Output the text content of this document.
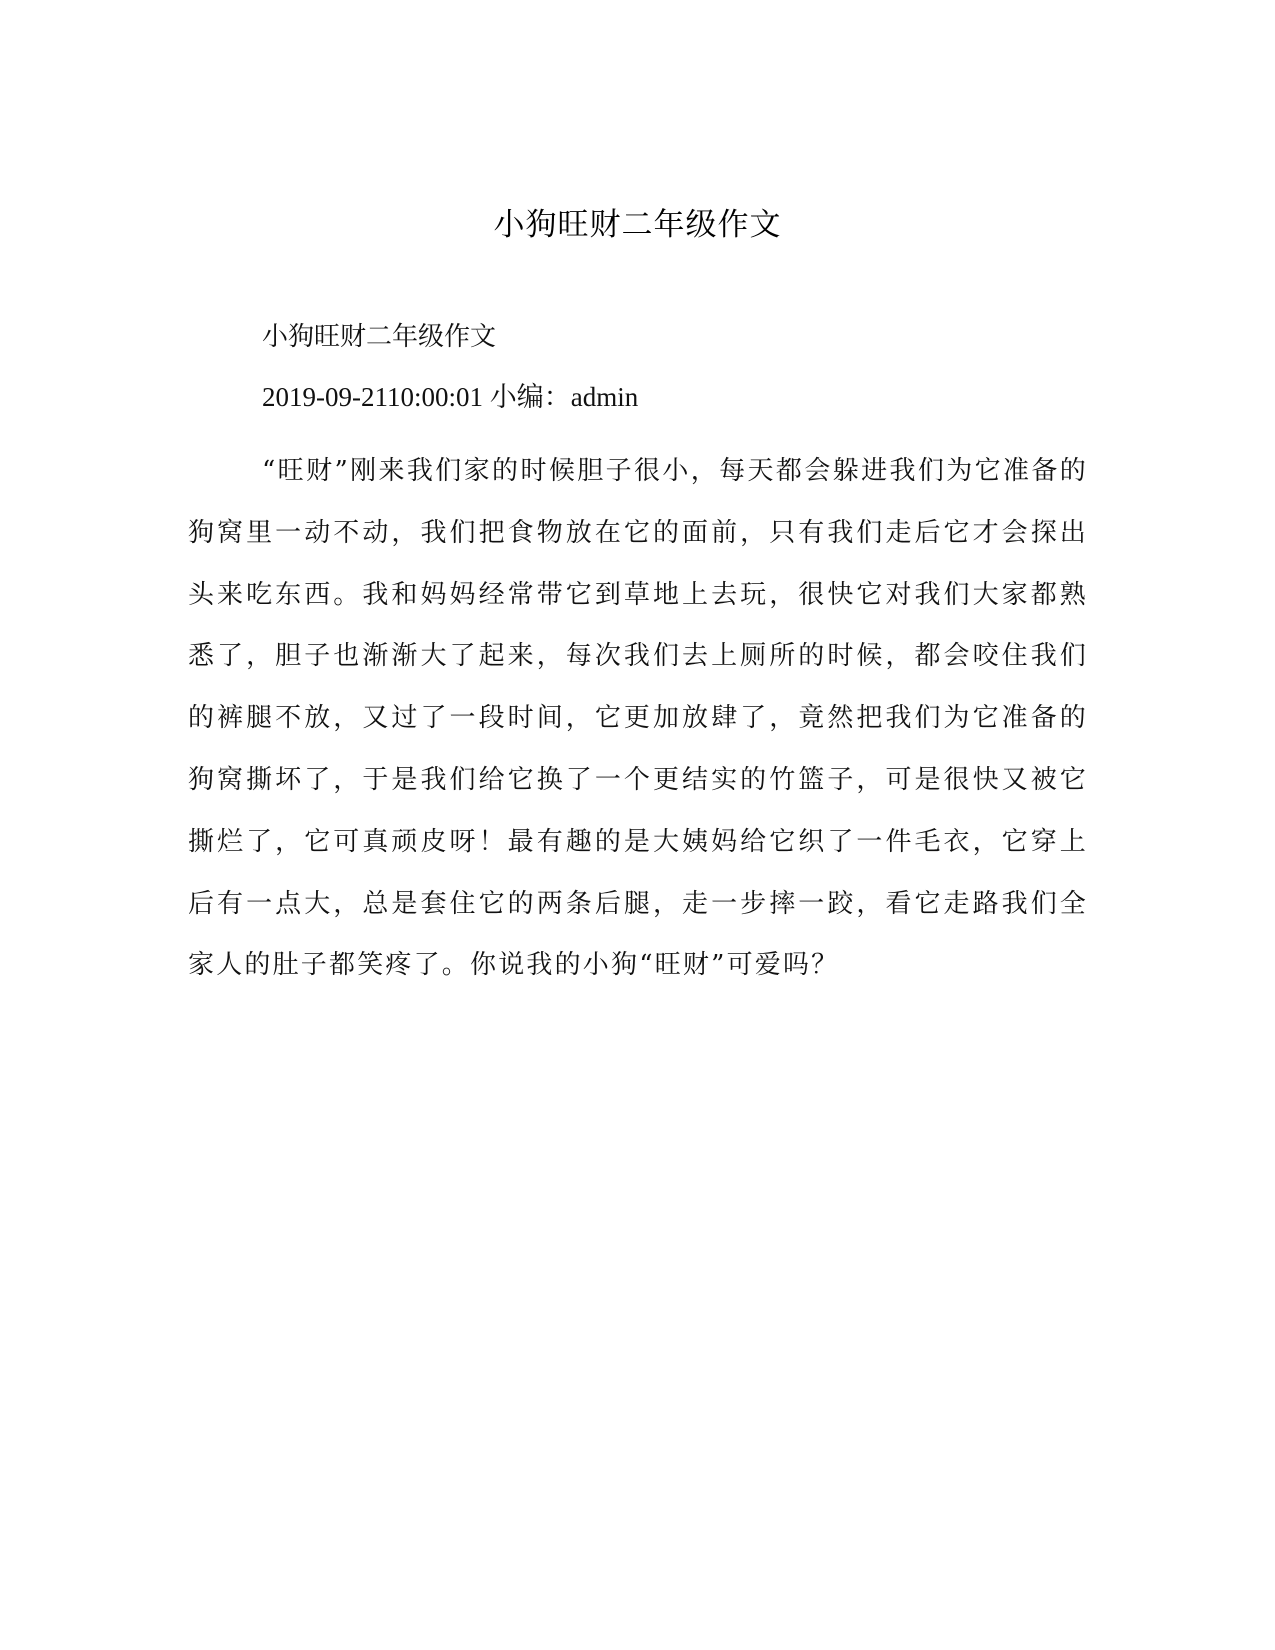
小狗旺财二年级作文
小狗旺财二年级作文
2019-09-2110:00:01 小编：admin
“旺财”刚来我们家的时候胆子很小，每天都会躲进我们为它准备的狗窝里一动不动，我们把食物放在它的面前，只有我们走后它才会探出头来吃东西。我和妈妈经常带它到草地上去玩，很快它对我们大家都熟悉了，胆子也渐渐大了起来，每次我们去上厕所的时候，都会咬住我们的裤腿不放，又过了一段时间，它更加放肆了，竟然把我们为它准备的狗窝撕坏了，于是我们给它换了一个更结实的竹篮子，可是很快又被它撕烂了，它可真顽皮呀！最有趣的是大姨妈给它织了一件毛衣，它穿上后有一点大，总是套住它的两条后腿，走一步摔一跤，看它走路我们全家人的肚子都笑疼了。你说我的小狗“旺财”可爱吗？
